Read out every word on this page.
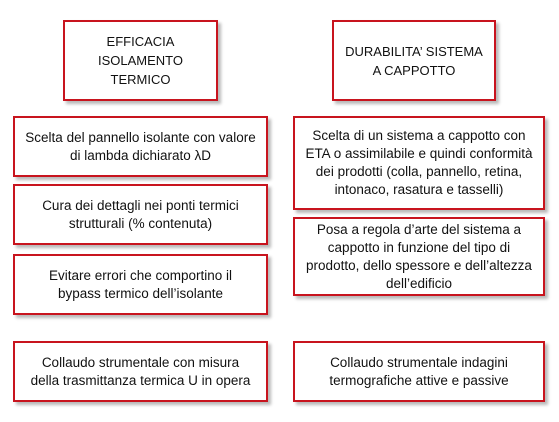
EFFICACIA
ISOLAMENTO
TERMICO
DURABILITA’ SISTEMA
A CAPPOTTO
Scelta del pannello isolante con valore
di lambda dichiarato λD
Cura dei dettagli nei ponti termici
strutturali (% contenuta)
Evitare errori che comportino il
bypass termico dell’isolante
Collaudo strumentale con misura
della trasmittanza termica U in opera
Scelta di un sistema a cappotto con
ETA o assimilabile e quindi conformità
dei prodotti (colla, pannello, retina,
intonaco, rasatura e tasselli)
Posa a regola d’arte del sistema a
cappotto in funzione del tipo di
prodotto, dello spessore e dell’altezza
dell’edificio
Collaudo strumentale indagini
termografiche attive e passive
